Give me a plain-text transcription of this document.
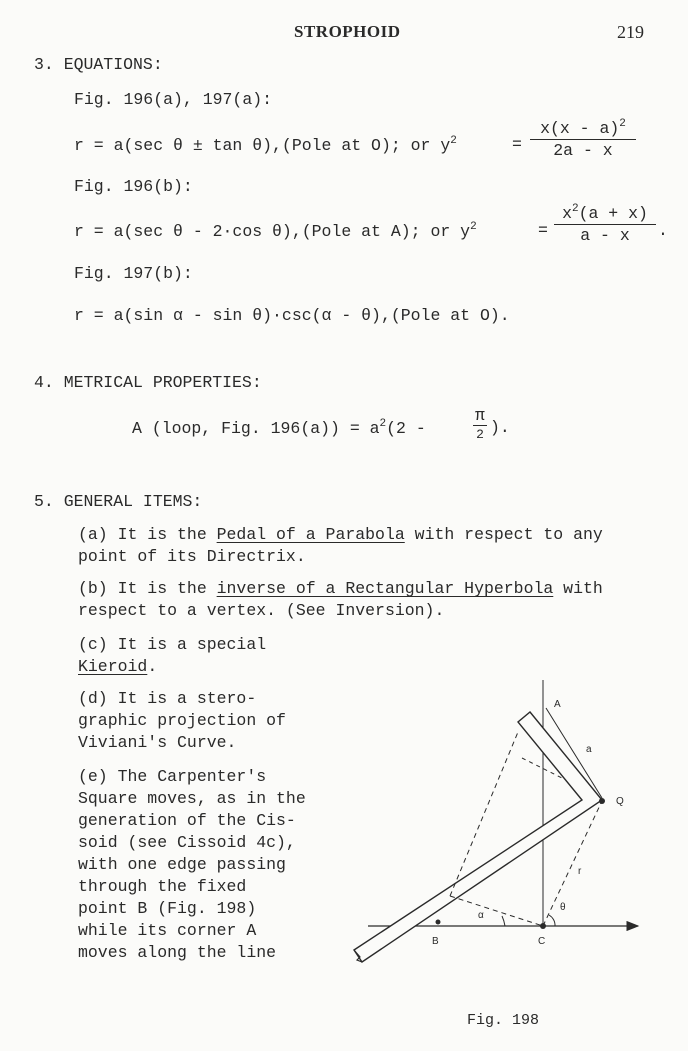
STROPHOID	219
3. EQUATIONS:
Fig. 196(a), 197(a):
r = a(sec θ ± tan θ),(Pole at O); or $y^2$	= $\frac{x(x - a)^2}{2a - x}$
Fig. 196(b):
r = a(sec θ - 2·cos θ),(Pole at A); or $y^2$	= $\frac{x^2(a + x)}{a - x}$ .
Fig. 197(b):
r = a(sin α - sin θ)·csc(α - θ),(Pole at O).
4. METRICAL PROPERTIES:
A (loop, Fig. $196(a)) = a^2(2$ -
π
2 ).
5. GENERAL ITEMS:
(a) It is the Pedal of a Parabola with respect to any
point of its Directrix.
(b) It is the inverse of a Rectangular Hyperbola with
respect to a vertex. (See Inversion).
(c) It is a special
Kieroid.
(d) It is a stero-
graphic projection of
Viviani's Curve.
(e) The Carpenter's
Square moves, as in the
generation of the Cis-
soid (see Cissoid 4c),
with one edge passing
through the fixed
point B (Fig. 198)
while its corner A
moves along the line
A
Q
a
r
α
θ
B	C
Fig. 198
